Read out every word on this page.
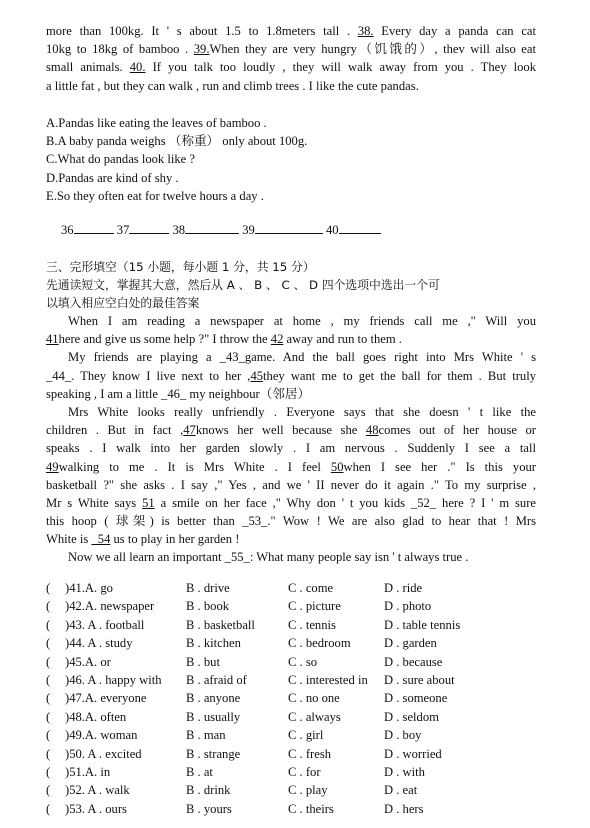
more than 100kg. It ' s about 1.5 to 1.8meters tall . 38. Every day a panda can cat
10kg to 18kg of bamboo . 39.When they are very hungry（饥饿的）, thev will also eat
small animals. 40. If you talk too loudly , they will walk away from you . They look
a little fat , but they can walk , run and climb trees . I like the cute pandas.
A.Pandas like eating the leaves of bamboo .
B.A baby panda weighs （称重） only about 100g.
C.What do pandas look like ?
D.Pandas are kind of shy .
E.So they often eat for twelve hours a day .
36	37	38	39	40
三、完形填空（15 小题，每小题 1 分，共 15 分）
先通读短文，掌握其大意，然后从 A 、 B 、 C 、 D 四个选项中选出一个可
以填入相应空白处的最佳答案
When I am reading a newspaper at home , my friends call me ," Will you
41here and give us some help ?" I throw the 42 away and run to them .
My friends are playing a _43_game. And the ball goes right into Mrs White ' s
_44_. They know I live next to her ,45they want me to get the ball for them . But truly
speaking , I am a little _46_ my neighbour（邻居）
Mrs White looks really unfriendly . Everyone says that she doesn ' t like the
children . But in fact ,47knows her well because she 48comes out of her house or
speaks . I walk into her garden slowly . I am nervous . Suddenly I see a tall
49walking to me . It is Mrs White . I feel 50when I see her ." Is this your
basketball ?" she asks . I say ," Yes , and we ' II never do it again ." To my surprise ,
Mr s White says 51 a smile on her face ," Why don ' t you kids _52_ here ? I ' m sure
this hoop ( 球架) is better than _53_." Wow ! We are also glad to hear that ! Mrs
White is _54 us to play in her garden !
Now we all learn an important _55_: What many people say isn ' t always true .
( )41.A. go	B . drive	C . come	D . ride
( )42.A. newspaper	B . book	C . picture	D . photo
( )43. A . football	B . basketball	C . tennis	D . table tennis
( )44. A . study	B . kitchen	C . bedroom	D . garden
( )45.A. or	B . but	C . so	D . because
( )46. A . happy with B . afraid of	C . interested in D . sure about
( )47.A. everyone	B . anyone	C . no one	D . someone
( )48.A. often	B . usually	C . always	D . seldom
( )49.A. woman	B . man	C . girl	D . boy
( )50. A . excited	B . strange	C . fresh	D . worried
( )51.A. in	B . at	C . for	D . with
( )52. A . walk	B . drink	C . play	D . eat
( )53. A . ours	B . yours	C . theirs	D . hers
